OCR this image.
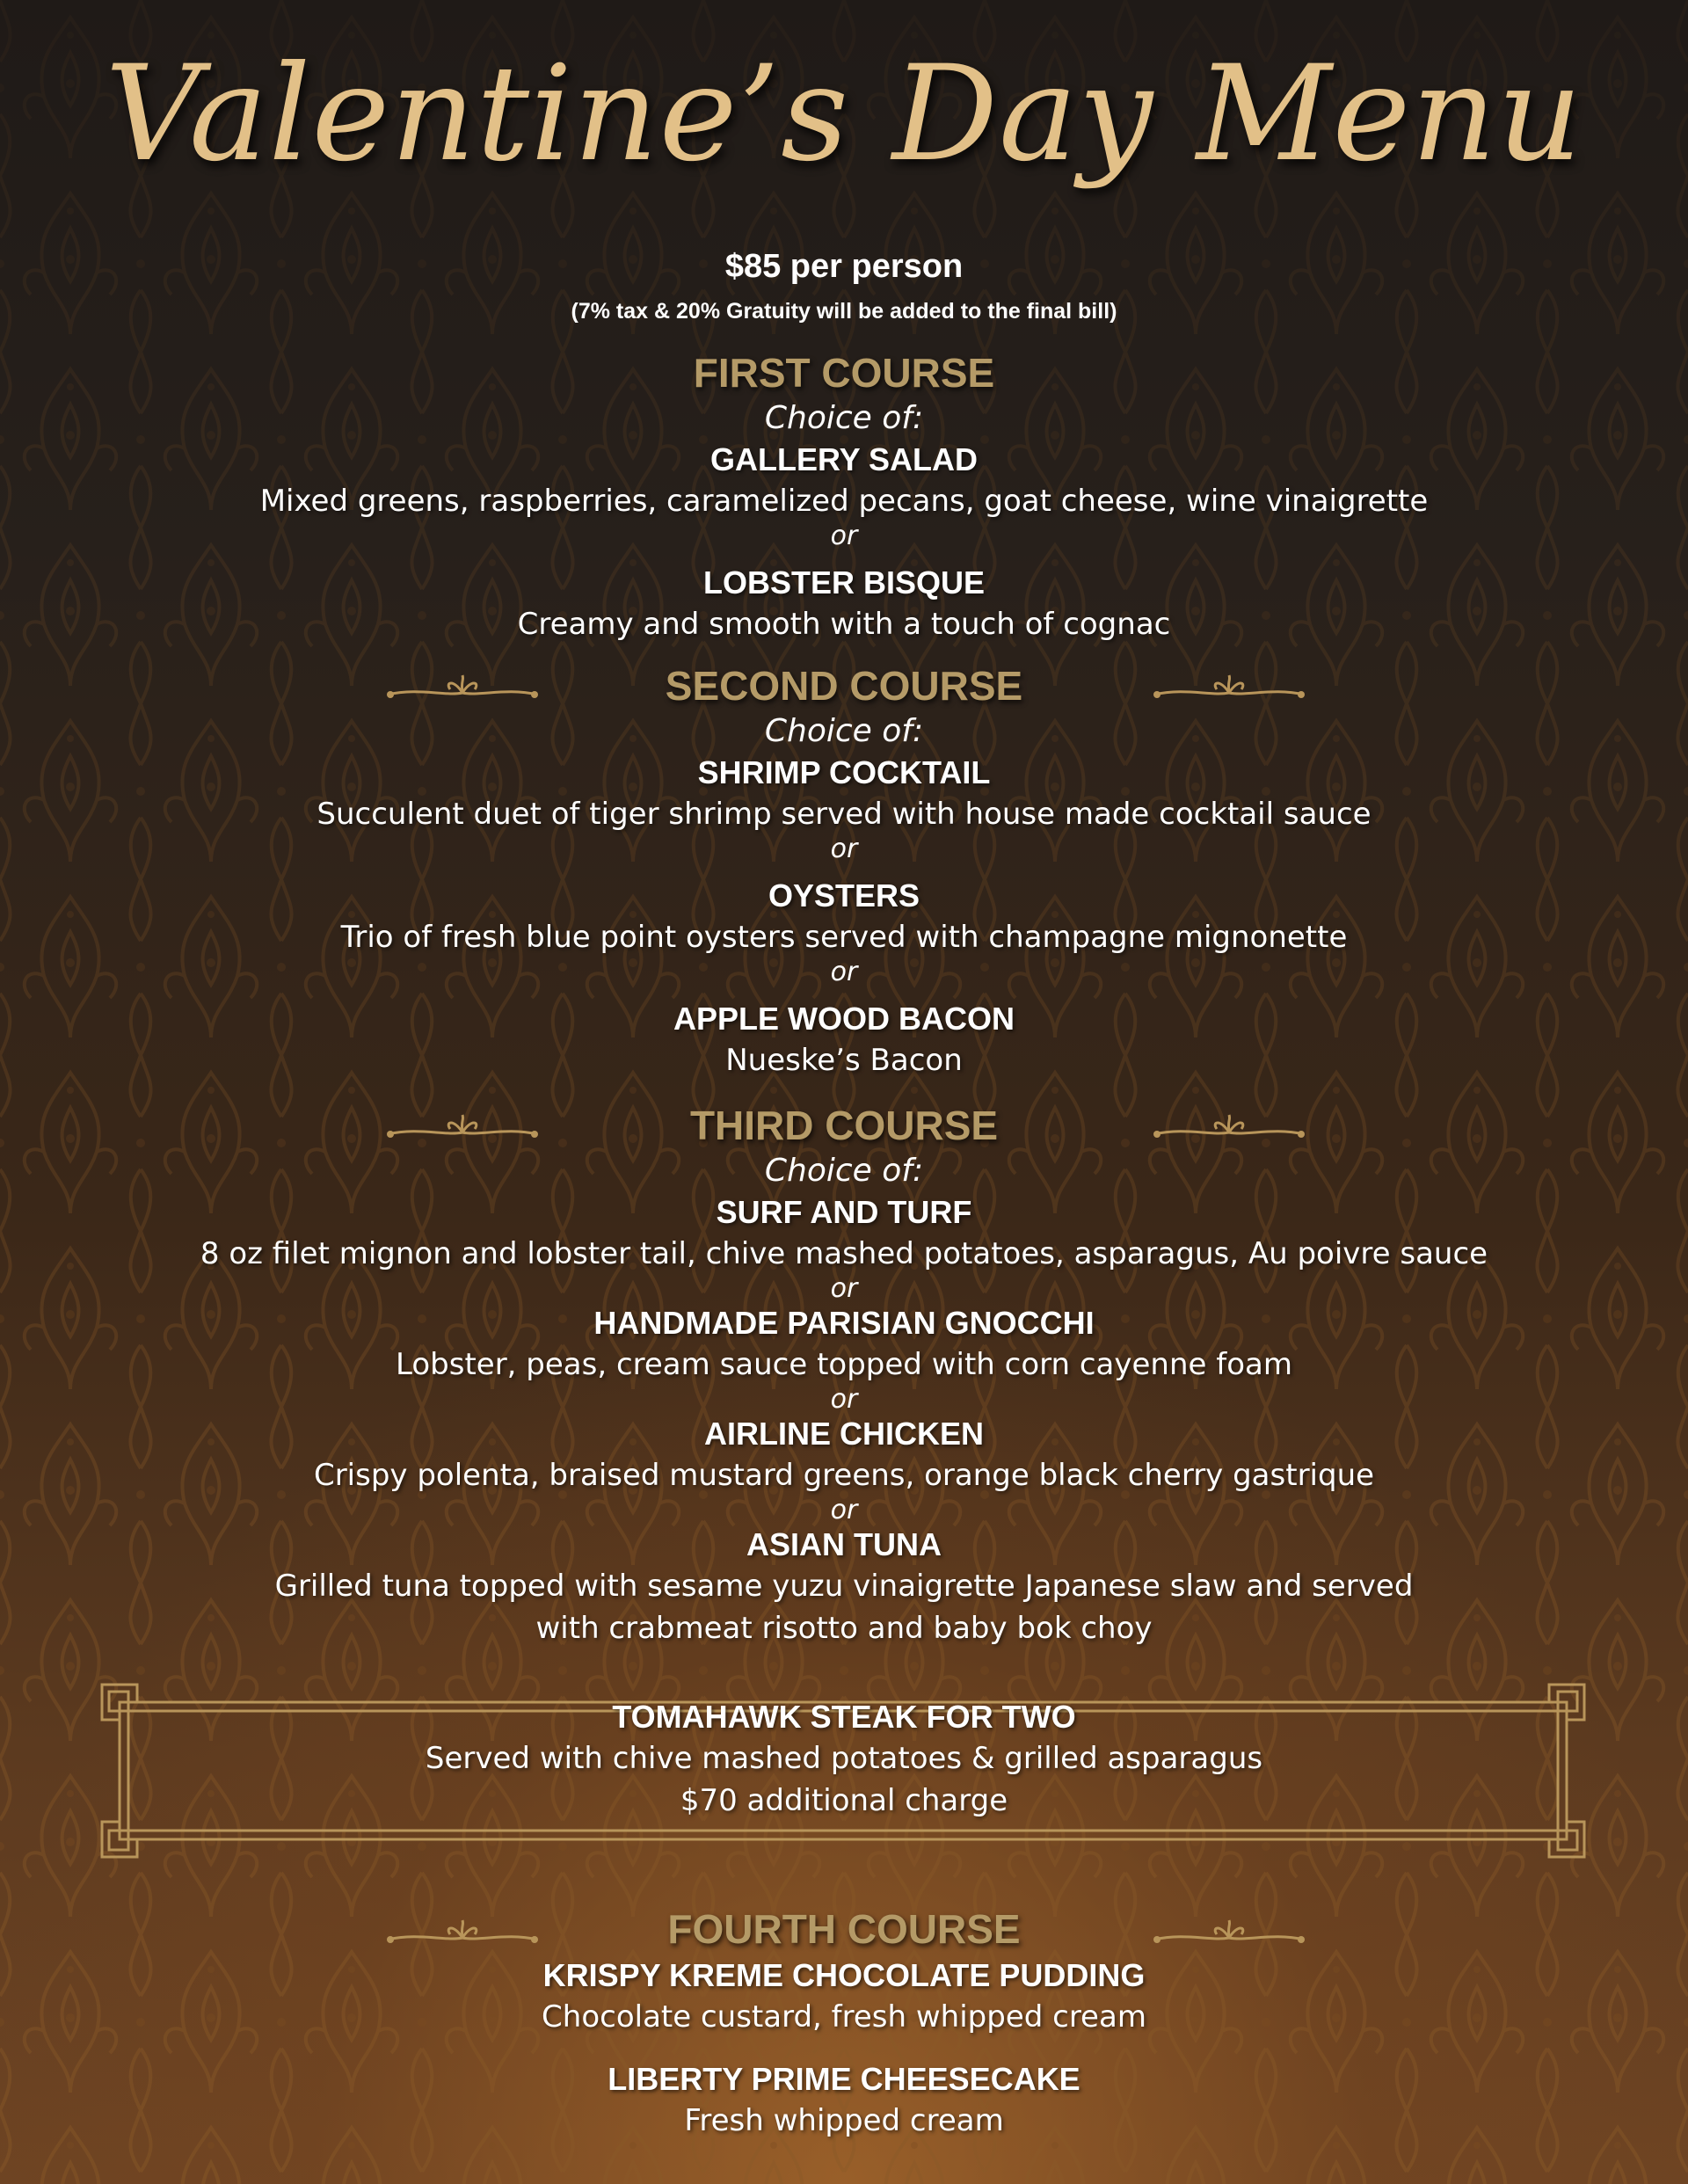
Valentine’s Day Menu
$85 per person
(7% tax & 20% Gratuity will be added to the final bill)
FIRST COURSE
Choice of:
GALLERY SALAD
Mixed greens, raspberries, caramelized pecans, goat cheese, wine vinaigrette
or
LOBSTER BISQUE
Creamy and smooth with a touch of cognac
SECOND COURSE
Choice of:
SHRIMP COCKTAIL
Succulent duet of tiger shrimp served with house made cocktail sauce
or
OYSTERS
Trio of fresh blue point oysters served with champagne mignonette
or
APPLE WOOD BACON
Nueske’s Bacon
THIRD COURSE
Choice of:
SURF AND TURF
8 oz filet mignon and lobster tail, chive mashed potatoes, asparagus, Au poivre sauce
or
HANDMADE PARISIAN GNOCCHI
Lobster, peas, cream sauce topped with corn cayenne foam
or
AIRLINE CHICKEN
Crispy polenta, braised mustard greens, orange black cherry gastrique
or
ASIAN TUNA
Grilled tuna topped with sesame yuzu vinaigrette Japanese slaw and served
with crabmeat risotto and baby bok choy
TOMAHAWK STEAK FOR TWO
Served with chive mashed potatoes & grilled asparagus
$70 additional charge
FOURTH COURSE
KRISPY KREME CHOCOLATE PUDDING
Chocolate custard, fresh whipped cream
LIBERTY PRIME CHEESECAKE
Fresh whipped cream
